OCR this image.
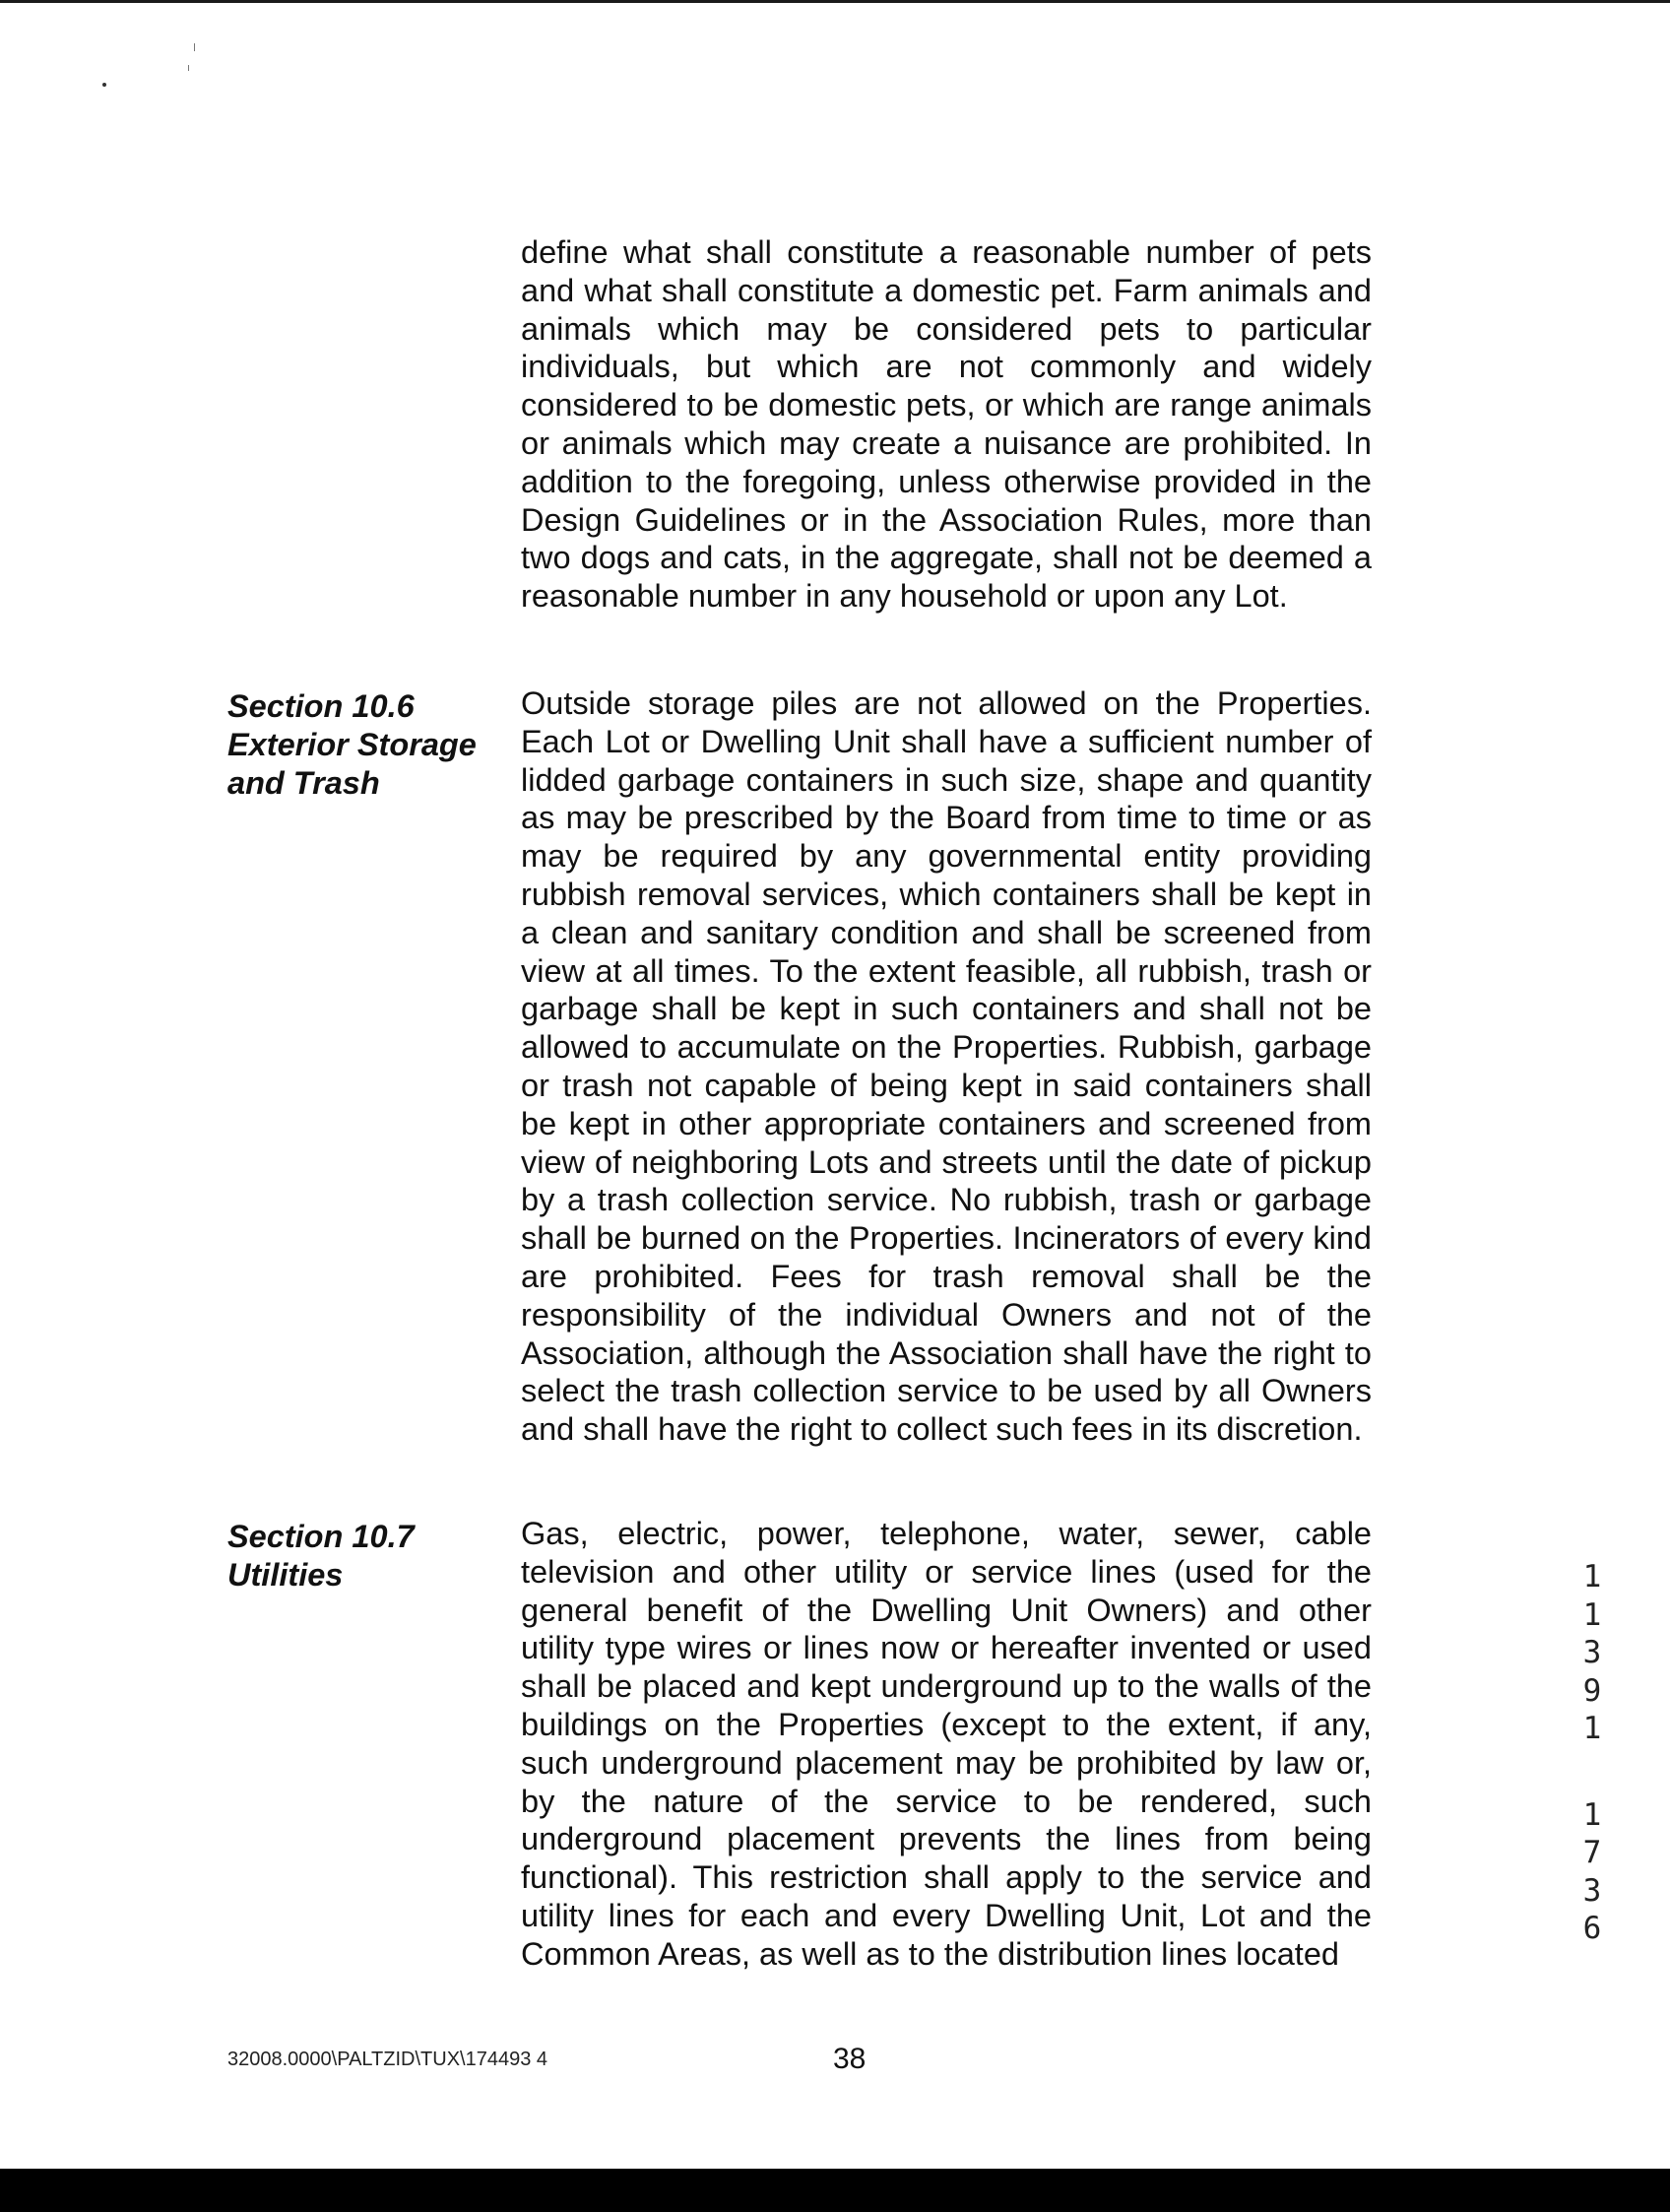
define what shall constitute a reasonable number of pets and what shall constitute a domestic pet. Farm animals and animals which may be considered pets to particular individuals, but which are not commonly and widely considered to be domestic pets, or which are range animals or animals which may create a nuisance are prohibited. In addition to the foregoing, unless otherwise provided in the Design Guidelines or in the Association Rules, more than two dogs and cats, in the aggregate, shall not be deemed a reasonable number in any household or upon any Lot.

Section 10.6
Exterior Storage
and Trash

Outside storage piles are not allowed on the Properties. Each Lot or Dwelling Unit shall have a sufficient number of lidded garbage containers in such size, shape and quantity as may be prescribed by the Board from time to time or as may be required by any governmental entity providing rubbish removal services, which containers shall be kept in a clean and sanitary condition and shall be screened from view at all times. To the extent feasible, all rubbish, trash or garbage shall be kept in such containers and shall not be allowed to accumulate on the Properties. Rubbish, garbage or trash not capable of being kept in said containers shall be kept in other appropriate containers and screened from view of neighboring Lots and streets until the date of pickup by a trash collection service. No rubbish, trash or garbage shall be burned on the Properties. Incinerators of every kind are prohibited. Fees for trash removal shall be the responsibility of the individual Owners and not of the Association, although the Association shall have the right to select the trash collection service to be used by all Owners and shall have the right to collect such fees in its discretion.

Section 10.7
Utilities

Gas, electric, power, telephone, water, sewer, cable television and other utility or service lines (used for the general benefit of the Dwelling Unit Owners) and other utility type wires or lines now or hereafter invented or used shall be placed and kept underground up to the walls of the buildings on the Properties (except to the extent, if any, such underground placement may be prohibited by law or, by the nature of the service to be rendered, such underground placement prevents the lines from being functional). This restriction shall apply to the service and utility lines for each and every Dwelling Unit, Lot and the Common Areas, as well as to the distribution lines located

1
1
3
9
1
1
7
3
6
32008.0000\PALTZID\TUX\174493 4	38
